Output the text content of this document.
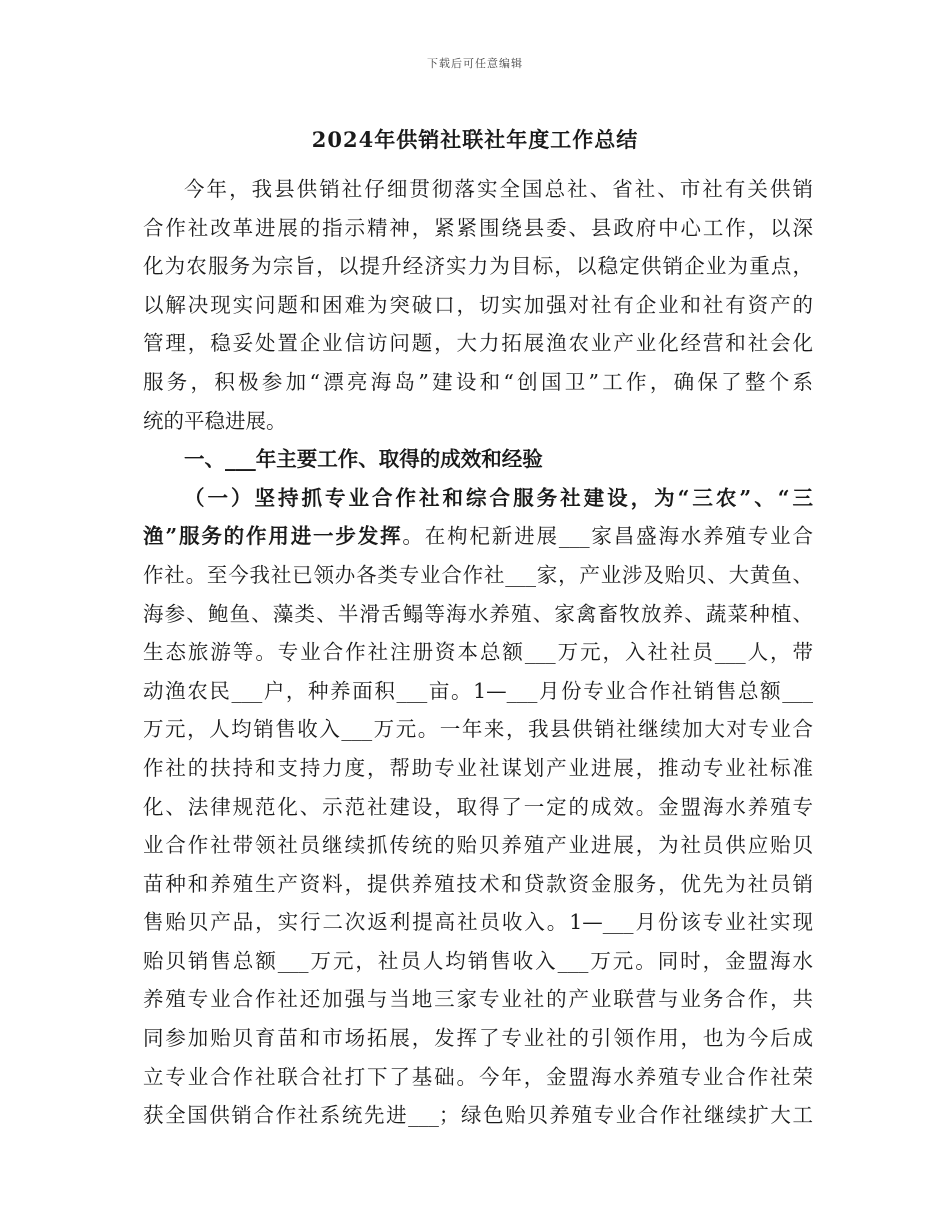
下载后可任意编辑
2024年供销社联社年度工作总结
今年，我县供销社仔细贯彻落实全国总社、省社、市社有关供销
合作社改革进展的指示精神，紧紧围绕县委、县政府中心工作，以深
化为农服务为宗旨，以提升经济实力为目标，以稳定供销企业为重点，
以解决现实问题和困难为突破口，切实加强对社有企业和社有资产的
管理，稳妥处置企业信访问题，大力拓展渔农业产业化经营和社会化
服务，积极参加“漂亮海岛”建设和“创国卫”工作，确保了整个系
统的平稳进展。
一、___年主要工作、取得的成效和经验
（一）坚持抓专业合作社和综合服务社建设，为“三农”、“三
渔”服务的作用进一步发挥。在枸杞新进展___家昌盛海水养殖专业合
作社。至今我社已领办各类专业合作社___家，产业涉及贻贝、大黄鱼、
海参、鲍鱼、藻类、半滑舌鳎等海水养殖、家禽畜牧放养、蔬菜种植、
生态旅游等。专业合作社注册资本总额___万元，入社社员___人，带
动渔农民___户，种养面积___亩。1—___月份专业合作社销售总额___
万元，人均销售收入___万元。一年来，我县供销社继续加大对专业合
作社的扶持和支持力度，帮助专业社谋划产业进展，推动专业社标准
化、法律规范化、示范社建设，取得了一定的成效。金盟海水养殖专
业合作社带领社员继续抓传统的贻贝养殖产业进展，为社员供应贻贝
苗种和养殖生产资料，提供养殖技术和贷款资金服务，优先为社员销
售贻贝产品，实行二次返利提高社员收入。1—___月份该专业社实现
贻贝销售总额___万元，社员人均销售收入___万元。同时，金盟海水
养殖专业合作社还加强与当地三家专业社的产业联营与业务合作，共
同参加贻贝育苗和市场拓展，发挥了专业社的引领作用，也为今后成
立专业合作社联合社打下了基础。今年，金盟海水养殖专业合作社荣
获全国供销合作社系统先进___；绿色贻贝养殖专业合作社继续扩大工
